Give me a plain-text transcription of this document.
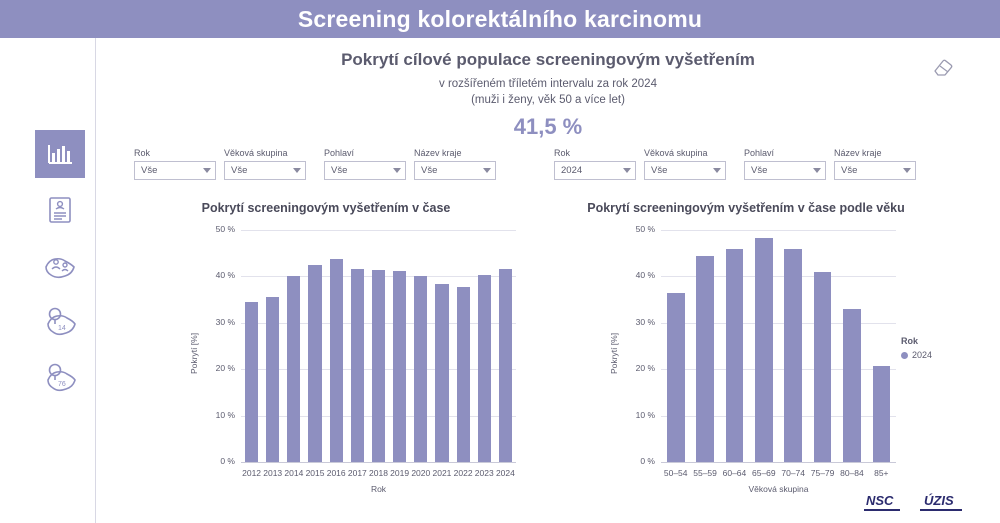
Screening kolorektálního karcinomu
14
76
Pokrytí cílové populace screeningovým vyšetřením
v rozšířeném tříletém intervalu za rok 2024
(muži i ženy, věk 50 a více let)
41,5 %
Rok
Vše
Věková skupina
Vše
Pohlaví
Vše
Název kraje
Vše
Rok
2024
Věková skupina
Vše
Pohlaví
Vše
Název kraje
Vše
Pokrytí screeningovým vyšetřením v čase	Pokrytí screeningovým vyšetřením v čase podle věku
0 %
10 %
20 %
30 %
40 %
50 %
2012 2013 2014 2015 2016 2017 2018 2019 2020 2021 2022 2023 2024
Rok
Pokrytí [%]
0 %
10 %
20 %
30 %
40 %
50 %
50–54 55–59 60–64 65–69 70–74 75–79 80–84	85+
Věková skupina
Pokrytí [%]	Rok
2024
NSC ÚZIS
